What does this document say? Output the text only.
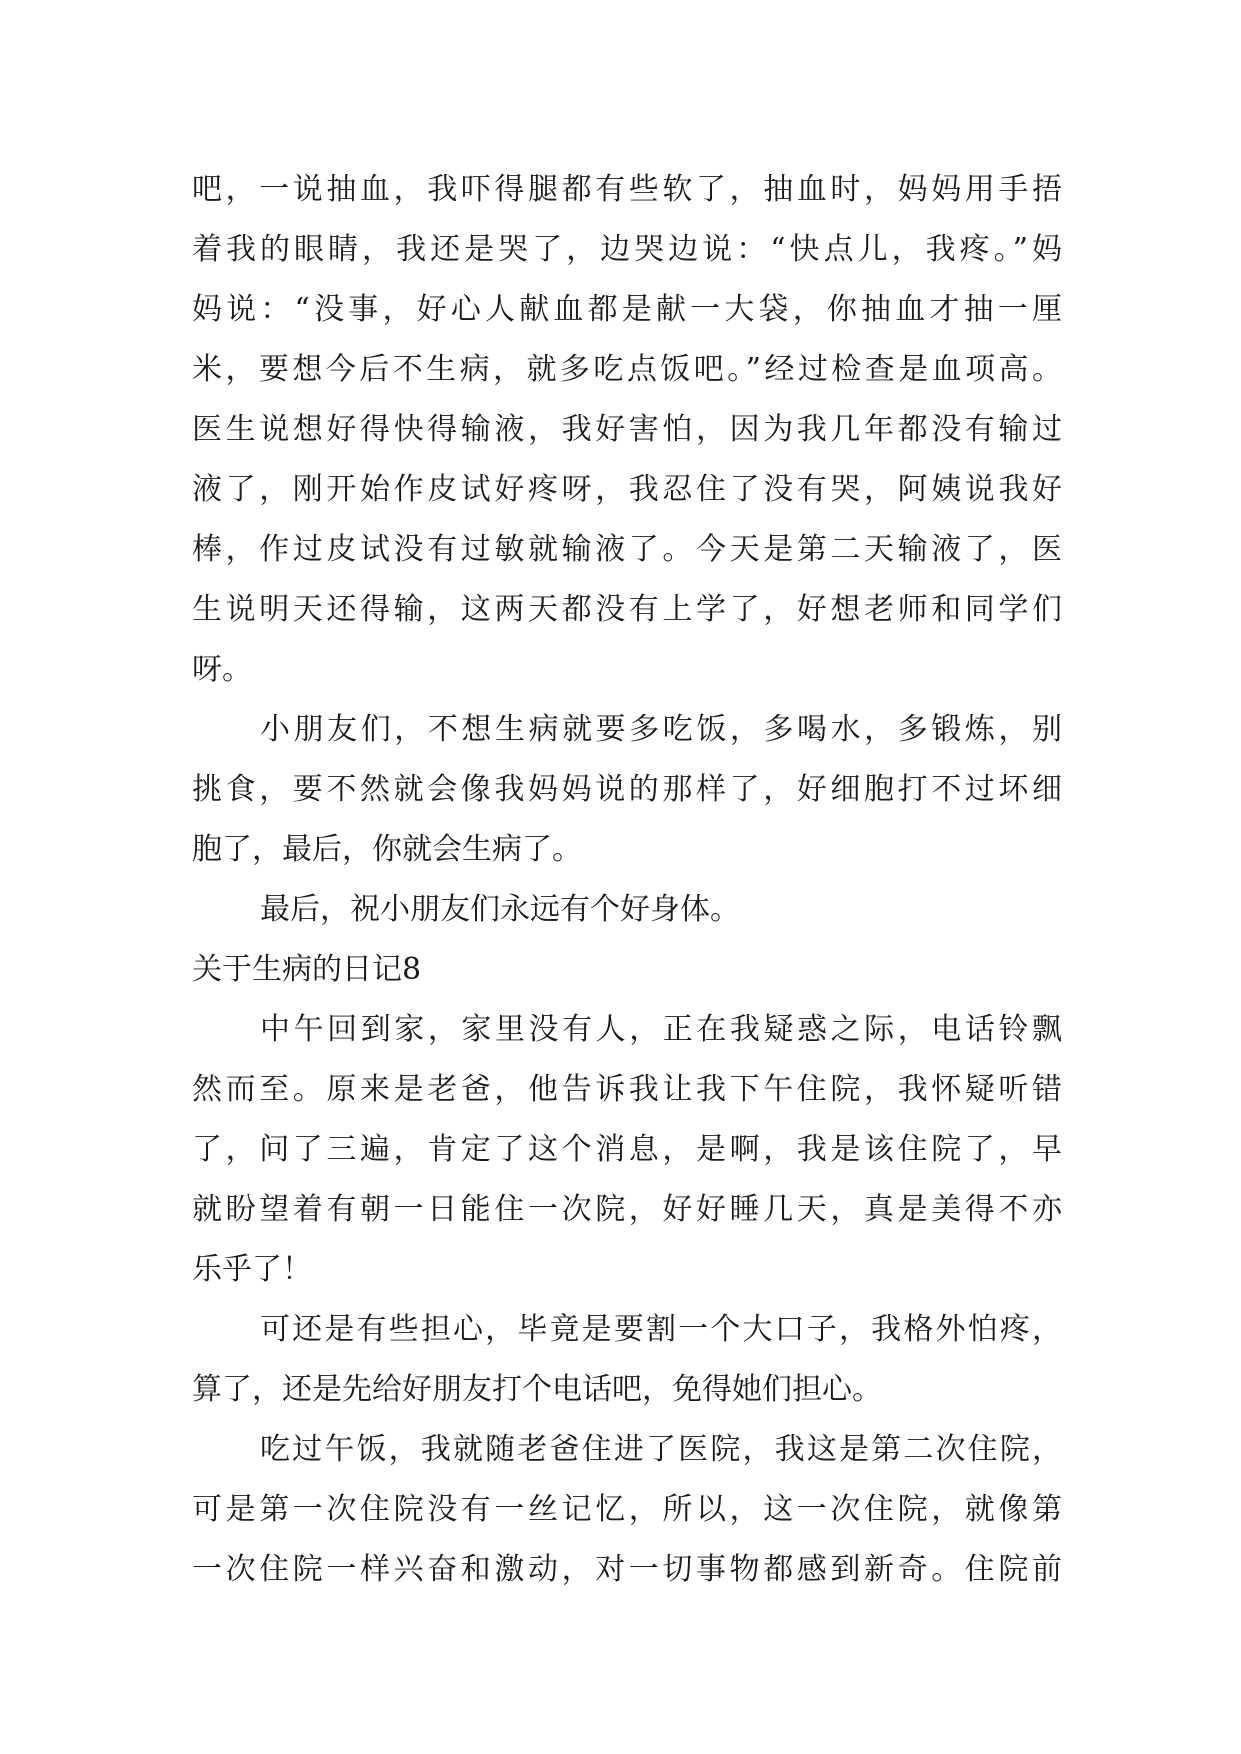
吧，一说抽血，我吓得腿都有些软了，抽血时，妈妈用手捂
着我的眼睛，我还是哭了，边哭边说：“快点儿，我疼。”妈
妈说：“没事，好心人献血都是献一大袋，你抽血才抽一厘
米，要想今后不生病，就多吃点饭吧。”经过检查是血项高。
医生说想好得快得输液，我好害怕，因为我几年都没有输过
液了，刚开始作皮试好疼呀，我忍住了没有哭，阿姨说我好
棒，作过皮试没有过敏就输液了。今天是第二天输液了，医
生说明天还得输，这两天都没有上学了，好想老师和同学们
呀。
小朋友们，不想生病就要多吃饭，多喝水，多锻炼，别
挑食，要不然就会像我妈妈说的那样了，好细胞打不过坏细
胞了，最后，你就会生病了。
最后，祝小朋友们永远有个好身体。
关于生病的日记8
中午回到家，家里没有人，正在我疑惑之际，电话铃飘
然而至。原来是老爸，他告诉我让我下午住院，我怀疑听错
了，问了三遍，肯定了这个消息，是啊，我是该住院了，早
就盼望着有朝一日能住一次院，好好睡几天，真是美得不亦
乐乎了！
可还是有些担心，毕竟是要割一个大口子，我格外怕疼，
算了，还是先给好朋友打个电话吧，免得她们担心。
吃过午饭，我就随老爸住进了医院，我这是第二次住院，
可是第一次住院没有一丝记忆，所以，这一次住院，就像第
一次住院一样兴奋和激动，对一切事物都感到新奇。住院前
